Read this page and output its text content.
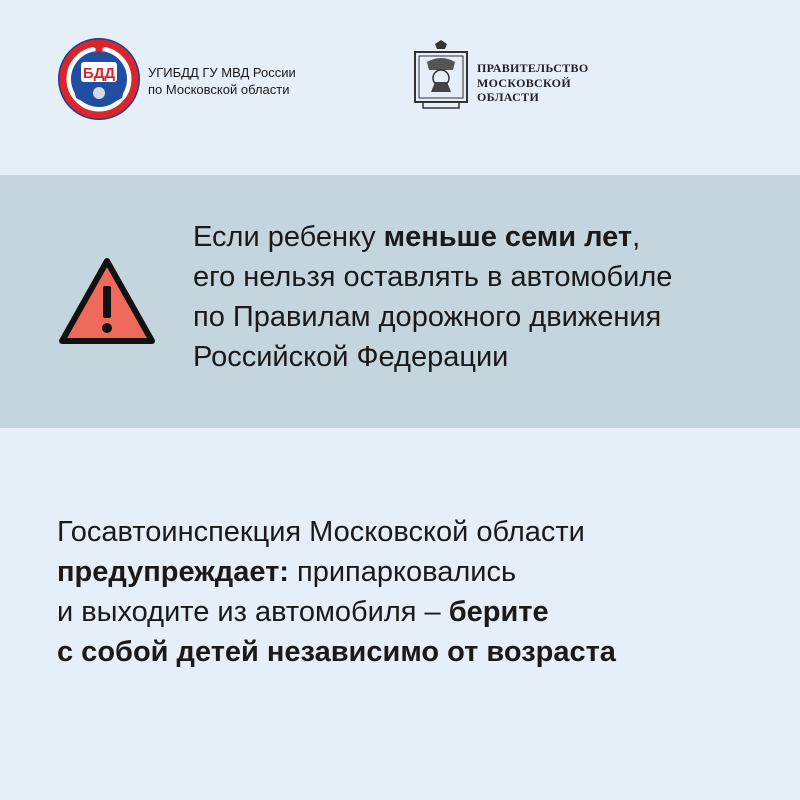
БДД	УГИБДД ГУ МВД России
по Московской области
ПРАВИТЕЛЬСТВО
МОСКОВСКОЙ
ОБЛАСТИ
Если ребенку меньше семи лет,
его нельзя оставлять в автомобиле
по Правилам дорожного движения
Российской Федерации
Госавтоинспекция Московской области
предупреждает: припарковались
и выходите из автомобиля – берите
с собой детей независимо от возраста
